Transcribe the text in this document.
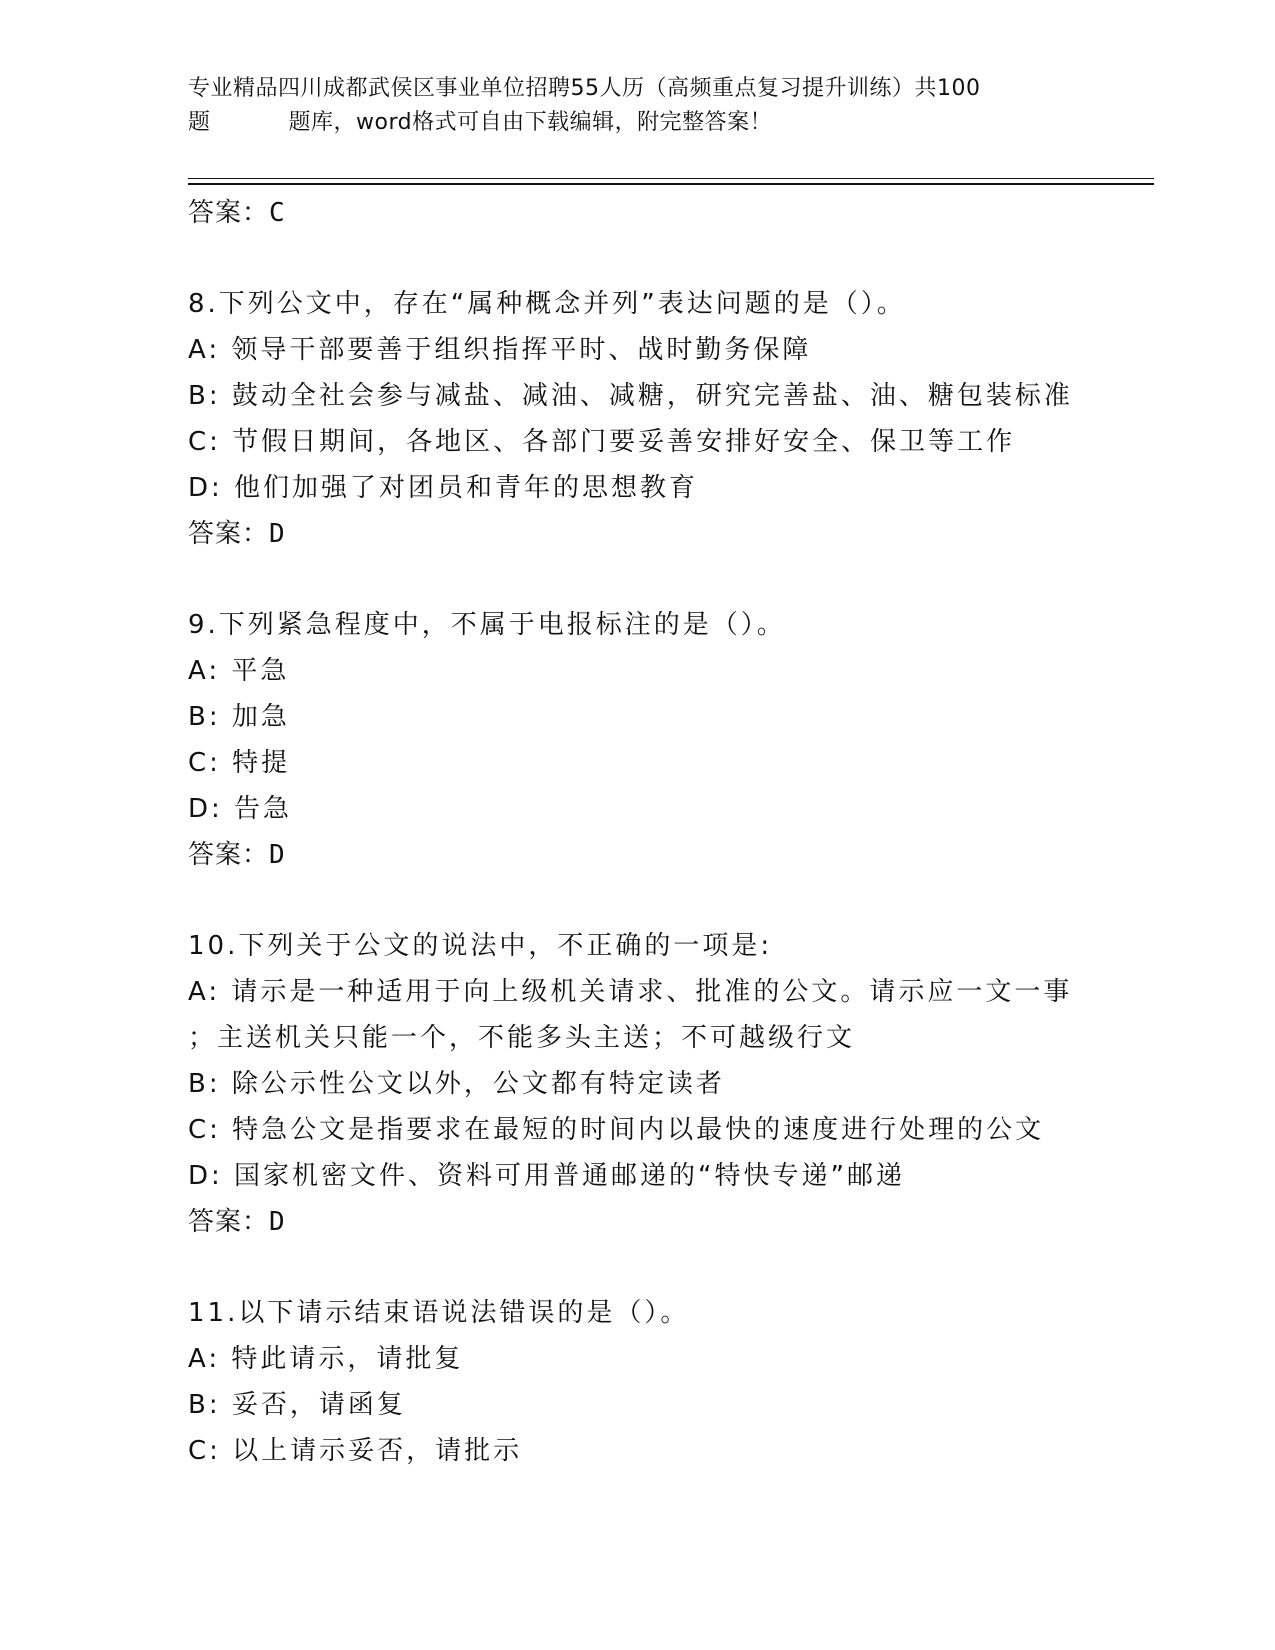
专业精品四川成都武侯区事业单位招聘55人历（高频重点复习提升训练）共100
题	题库，word格式可自由下载编辑，附完整答案！
答案：C
8.下列公文中，存在“属种概念并列”表达问题的是（）。
A: 领导干部要善于组织指挥平时、战时勤务保障
B: 鼓动全社会参与减盐、减油、减糖，研究完善盐、油、糖包装标准
C: 节假日期间，各地区、各部门要妥善安排好安全、保卫等工作
D: 他们加强了对团员和青年的思想教育
答案：D
9.下列紧急程度中，不属于电报标注的是（）。
A: 平急
B: 加急
C: 特提
D: 告急
答案：D
10.下列关于公文的说法中，不正确的一项是:
A: 请示是一种适用于向上级机关请求、批准的公文。请示应一文一事
；主送机关只能一个，不能多头主送；不可越级行文
B: 除公示性公文以外，公文都有特定读者
C: 特急公文是指要求在最短的时间内以最快的速度进行处理的公文
D: 国家机密文件、资料可用普通邮递的“特快专递”邮递
答案：D
11.以下请示结束语说法错误的是（）。
A: 特此请示，请批复
B: 妥否，请函复
C: 以上请示妥否，请批示
